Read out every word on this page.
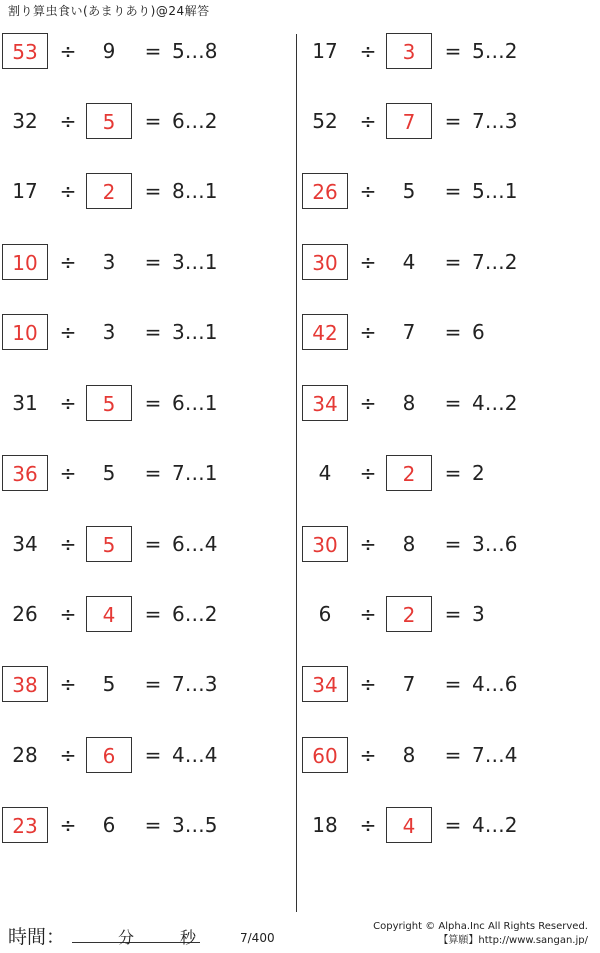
割り算虫食い(あまりあり)@24解答
53	÷	9	= 5…8
32	÷	5	= 6…2
17	÷	2	= 8…1
10	÷	3	= 3…1
10	÷	3	= 3…1
31	÷	5	= 6…1
36	÷	5	= 7…1
34	÷	5	= 6…4
26	÷	4	= 6…2
38	÷	5	= 7…3
28	÷	6	= 4…4
23	÷	6	= 3…5
17	÷	3	= 5…2
52	÷	7	= 7…3
26	÷	5	= 5…1
30	÷	4	= 7…2
42	÷	7	= 6
34	÷	8	= 4…2
4	÷	2	= 2
30	÷	8	= 3…6
6	÷	2	= 3
34	÷	7	= 4…6
60	÷	8	= 7…4
18	÷	4	= 4…2
時間：	分	秒	7/400
Copyright © Alpha.Inc All Rights Reserved.
【算願】http://www.sangan.jp/
